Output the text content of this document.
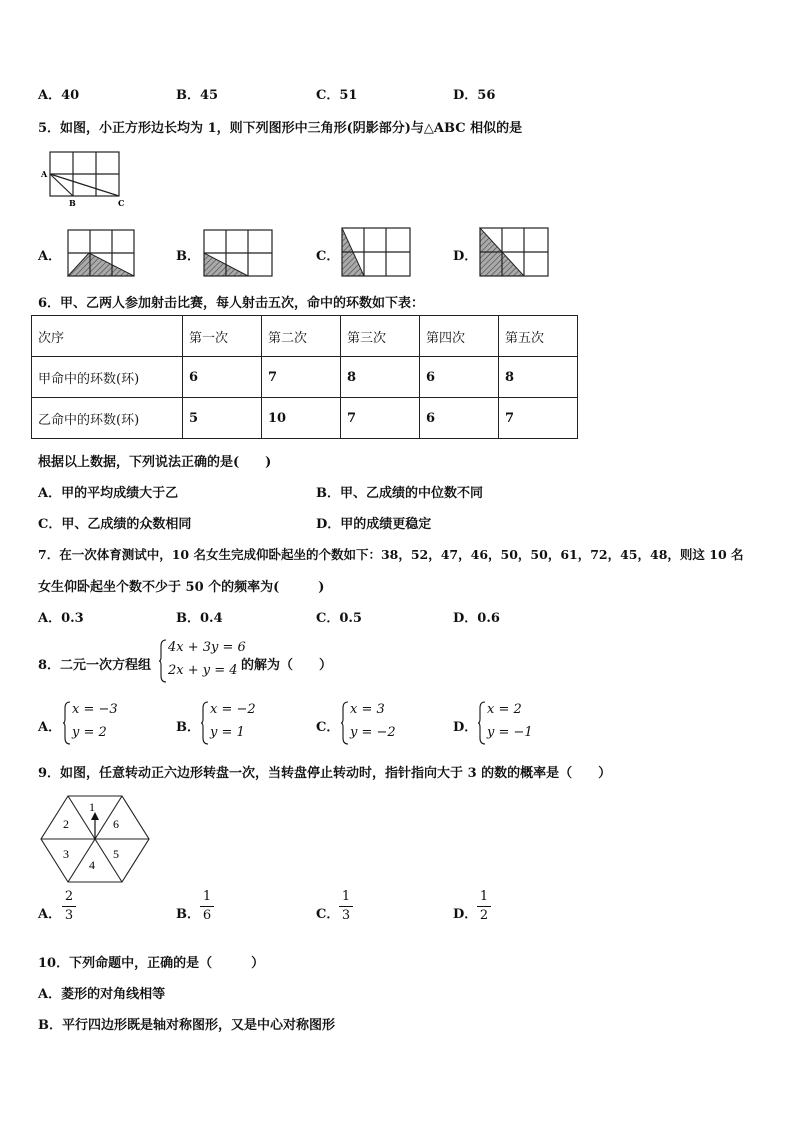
A．40	B．45	C．51	D．56
5．如图，小正方形边长均为 1，则下列图形中三角形(阴影部分)与△ABC 相似的是
A
B	C
A．	B．	C．	D．
6．甲、乙两人参加射击比赛，每人射击五次，命中的环数如下表：
次序	第一次	第二次	第三次	第四次	第五次
甲命中的环数(环)	6	7	8	6	8
乙命中的环数(环)	5	10	7	6	7
根据以上数据，下列说法正确的是(　　)
A．甲的平均成绩大于乙	B．甲、乙成绩的中位数不同
C．甲、乙成绩的众数相同	D．甲的成绩更稳定
7．在一次体育测试中，10 名女生完成仰卧起坐的个数如下：38，52，47，46，50，50，61，72，45，48，则这 10 名
女生仰卧起坐个数不少于 50 个的频率为(　　　)
A．0.3	B．0.4	C．0.5	D．0.6
8．二元一次方程组
4x + 3y = 6
2x + y = 4 的解为（　　）
A．
x = −3
y = 2	B．
x = −2
y = 1	C．
x = 3
y = −2	D．
x = 2
y = −1
9．如图，任意转动正六边形转盘一次，当转盘停止转动时，指针指向大于 3 的数的概率是（　　）
1
6
5
4
3
2
A．
2
3	B．
1
6	C．
1
3	D．
1
2
10．下列命题中，正确的是（　　　）
A．菱形的对角线相等
B．平行四边形既是轴对称图形，又是中心对称图形
